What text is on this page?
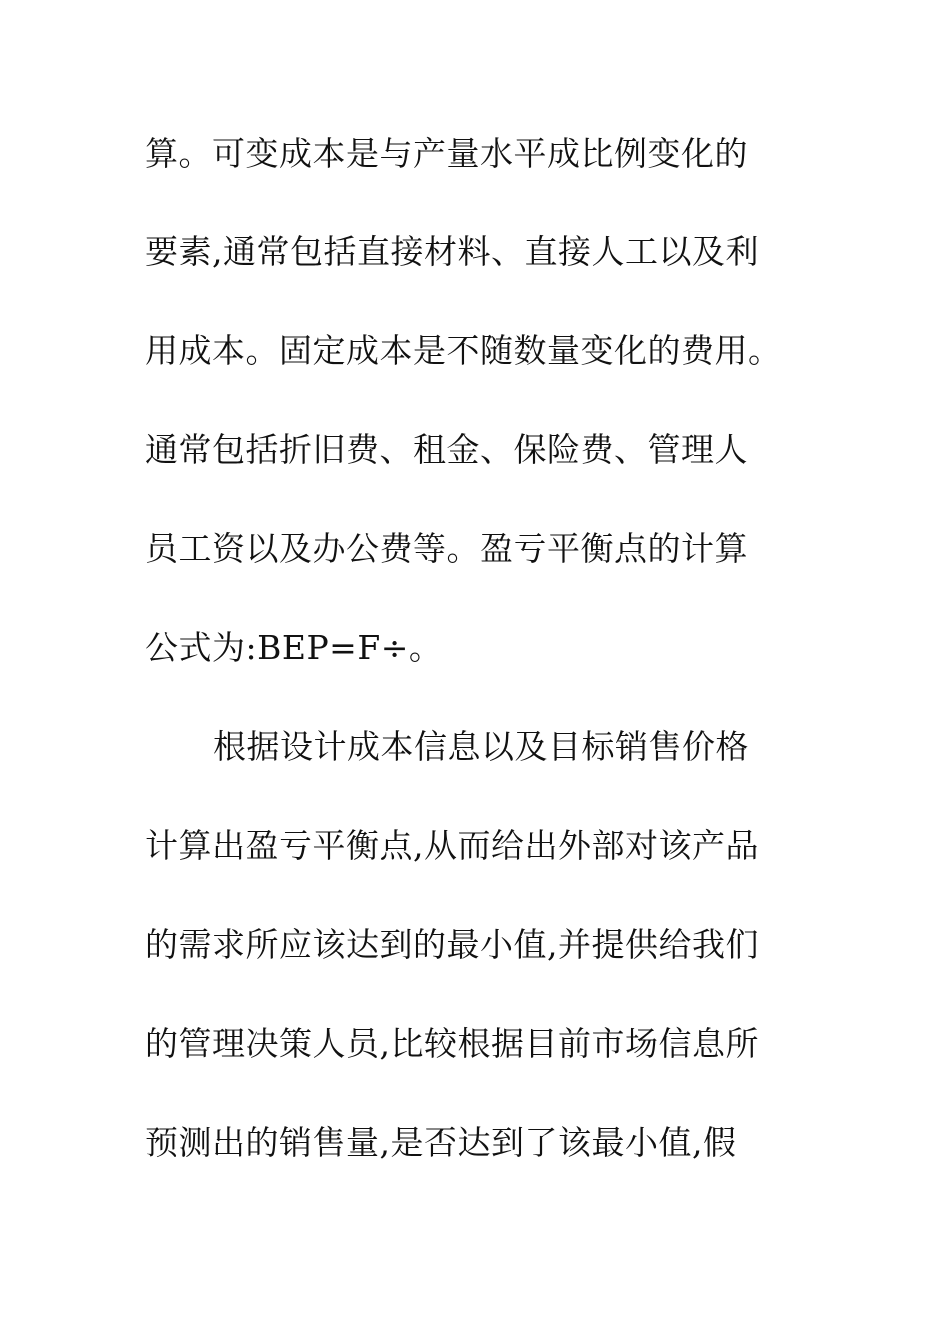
算。可变成本是与产量水平成比例变化的
要素,通常包括直接材料、直接人工以及利
用成本。固定成本是不随数量变化的费用。
通常包括折旧费、租金、保险费、管理人
员工资以及办公费等。盈亏平衡点的计算
公式为:BEP=F÷。
根据设计成本信息以及目标销售价格
计算出盈亏平衡点,从而给出外部对该产品
的需求所应该达到的最小值,并提供给我们
的管理决策人员,比较根据目前市场信息所
预测出的销售量,是否达到了该最小值,假
